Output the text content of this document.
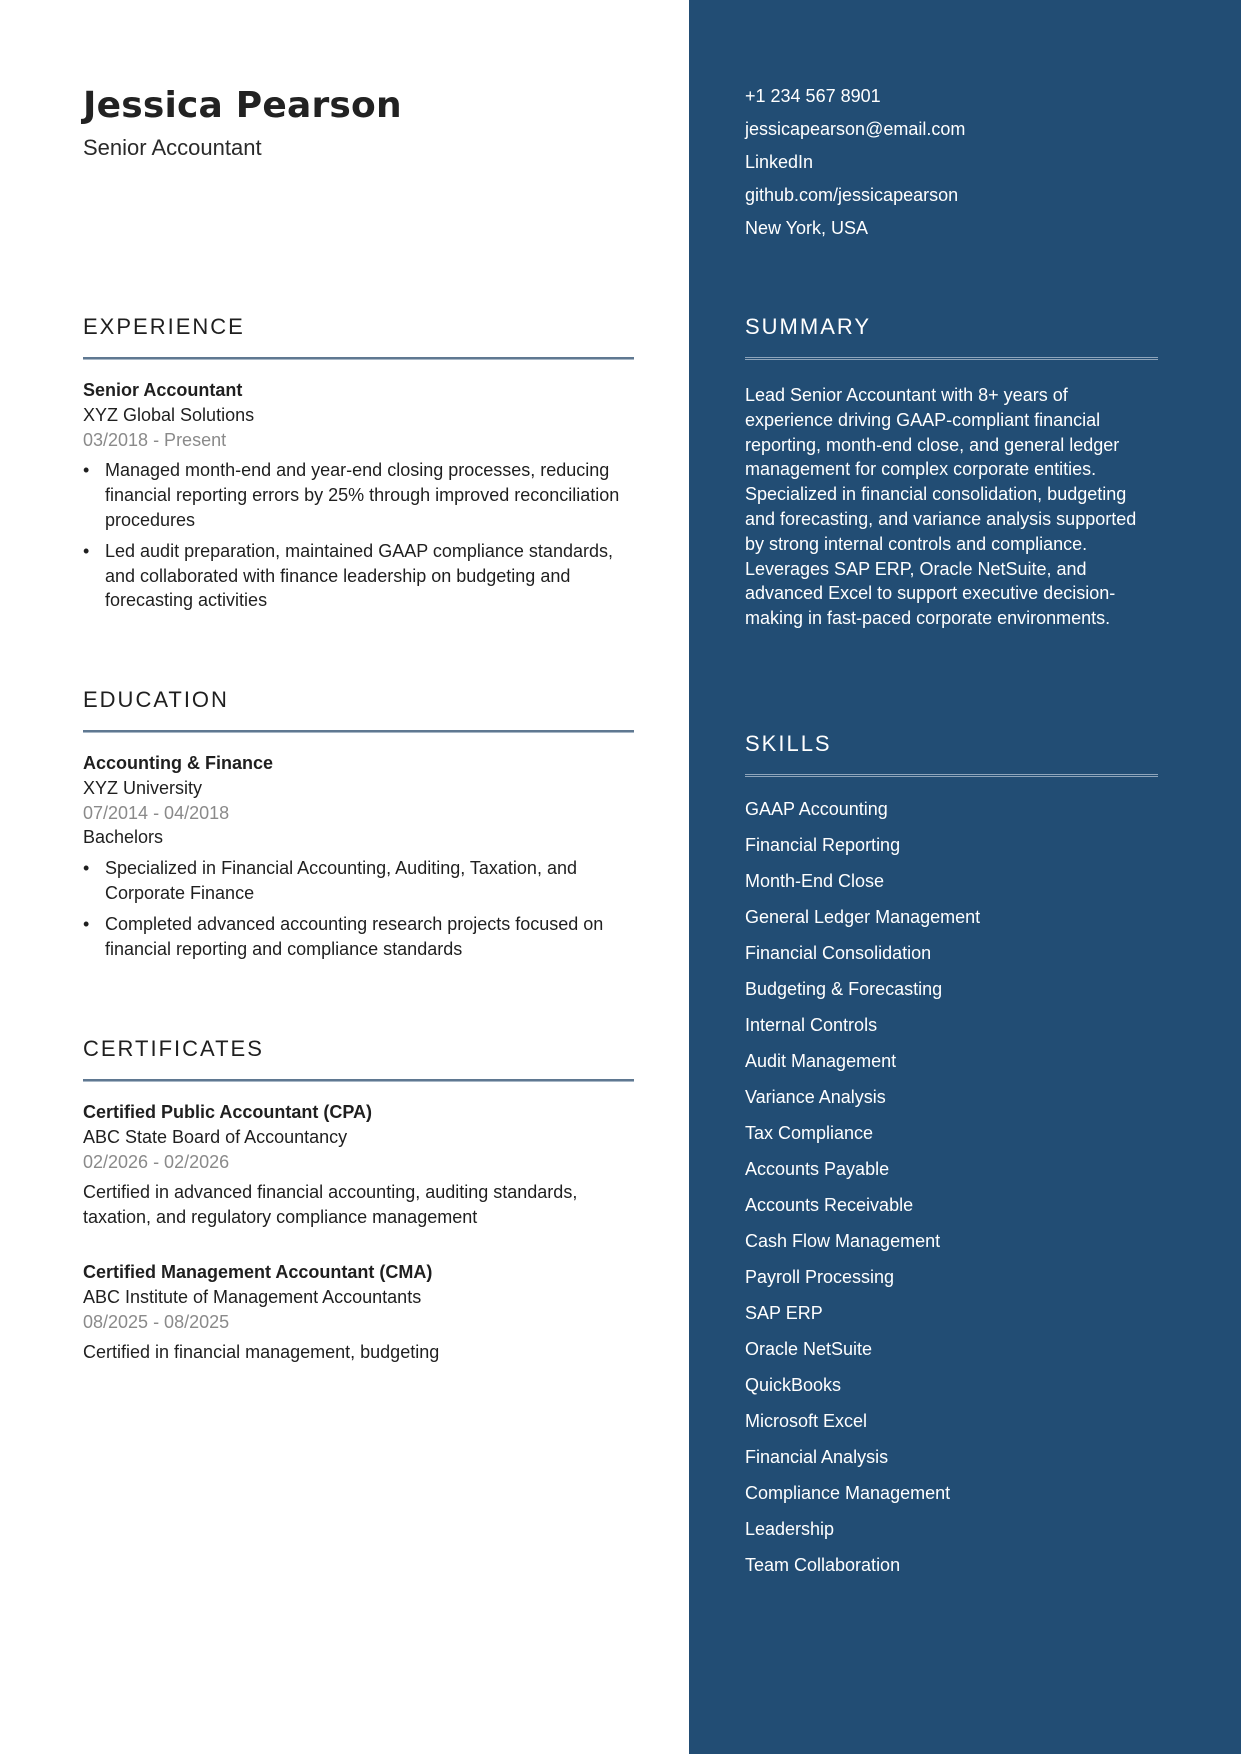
Jessica Pearson
Senior Accountant
+1 234 567 8901
jessicapearson@email.com
LinkedIn
github.com/jessicapearson
New York, USA
EXPERIENCE
Senior Accountant
XYZ Global Solutions
03/2018 - Present
• Managed month-end and year-end closing processes, reducing financial reporting errors by 25% through improved reconciliation procedures
• Led audit preparation, maintained GAAP compliance standards, and collaborated with finance leadership on budgeting and forecasting activities
EDUCATION
Accounting & Finance
XYZ University
07/2014 - 04/2018
Bachelors
• Specialized in Financial Accounting, Auditing, Taxation, and Corporate Finance
• Completed advanced accounting research projects focused on financial reporting and compliance standards
CERTIFICATES
Certified Public Accountant (CPA)
ABC State Board of Accountancy
02/2026 - 02/2026
Certified in advanced financial accounting, auditing standards, taxation, and regulatory compliance management
Certified Management Accountant (CMA)
ABC Institute of Management Accountants
08/2025 - 08/2025
Certified in financial management, budgeting
SUMMARY
Lead Senior Accountant with 8+ years of experience driving GAAP-compliant financial reporting, month-end close, and general ledger management for complex corporate entities. Specialized in financial consolidation, budgeting and forecasting, and variance analysis supported by strong internal controls and compliance. Leverages SAP ERP, Oracle NetSuite, and advanced Excel to support executive decision-making in fast-paced corporate environments.
SKILLS
GAAP Accounting
Financial Reporting
Month-End Close
General Ledger Management
Financial Consolidation
Budgeting & Forecasting
Internal Controls
Audit Management
Variance Analysis
Tax Compliance
Accounts Payable
Accounts Receivable
Cash Flow Management
Payroll Processing
SAP ERP
Oracle NetSuite
QuickBooks
Microsoft Excel
Financial Analysis
Compliance Management
Leadership
Team Collaboration
